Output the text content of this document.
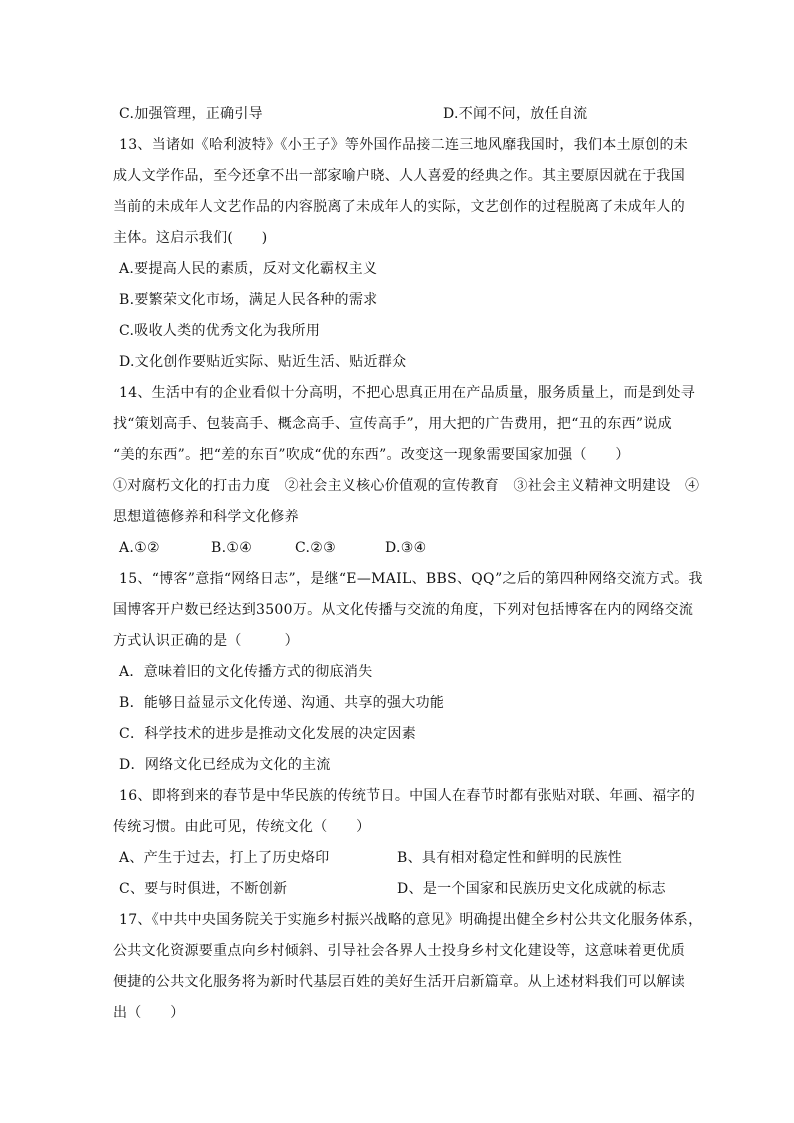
C.加强管理，正确引导	D.不闻不问，放任自流
13、当诸如《哈利波特》《小王子》等外国作品接二连三地风靡我国时，我们本土原创的未
成人文学作品，至今还拿不出一部家喻户晓、人人喜爱的经典之作。其主要原因就在于我国
当前的未成年人文艺作品的内容脱离了未成年人的实际，文艺创作的过程脱离了未成年人的
主体。这启示我们(　　)
A.要提高人民的素质，反对文化霸权主义
B.要繁荣文化市场，满足人民各种的需求
C.吸收人类的优秀文化为我所用
D.文化创作要贴近实际、贴近生活、贴近群众
14、生活中有的企业看似十分高明，不把心思真正用在产品质量，服务质量上，而是到处寻
找“策划高手、包装高手、概念高手、宣传高手”，用大把的广告费用，把“丑的东西”说成
“美的东西”。把“差的东百”吹成“优的东西”。改变这一现象需要国家加强（　　）
①对腐朽文化的打击力度　②社会主义核心价值观的宣传教育　③社会主义精神文明建设　④
思想道德修养和科学文化修养
A.①②	B.①④	C.②③	D.③④
15、“博客”意指“网络日志”，是继“E—MAIL、BBS、QQ”之后的第四种网络交流方式。我
国博客开户数已经达到3500万。从文化传播与交流的角度，下列对包括博客在内的网络交流
方式认识正确的是（　　　）
A．意味着旧的文化传播方式的彻底消失
B．能够日益显示文化传递、沟通、共享的强大功能
C．科学技术的进步是推动文化发展的决定因素
D．网络文化已经成为文化的主流
16、即将到来的春节是中华民族的传统节日。中国人在春节时都有张贴对联、年画、福字的
传统习惯。由此可见，传统文化（　　）
A、产生于过去，打上了历史烙印	B、具有相对稳定性和鲜明的民族性
C、要与时俱进，不断创新	D、是一个国家和民族历史文化成就的标志
17、《中共中央国务院关于实施乡村振兴战略的意见》明确提出健全乡村公共文化服务体系，
公共文化资源要重点向乡村倾斜、引导社会各界人士投身乡村文化建设等，这意味着更优质
便捷的公共文化服务将为新时代基层百姓的美好生活开启新篇章。从上述材料我们可以解读
出（　　）
